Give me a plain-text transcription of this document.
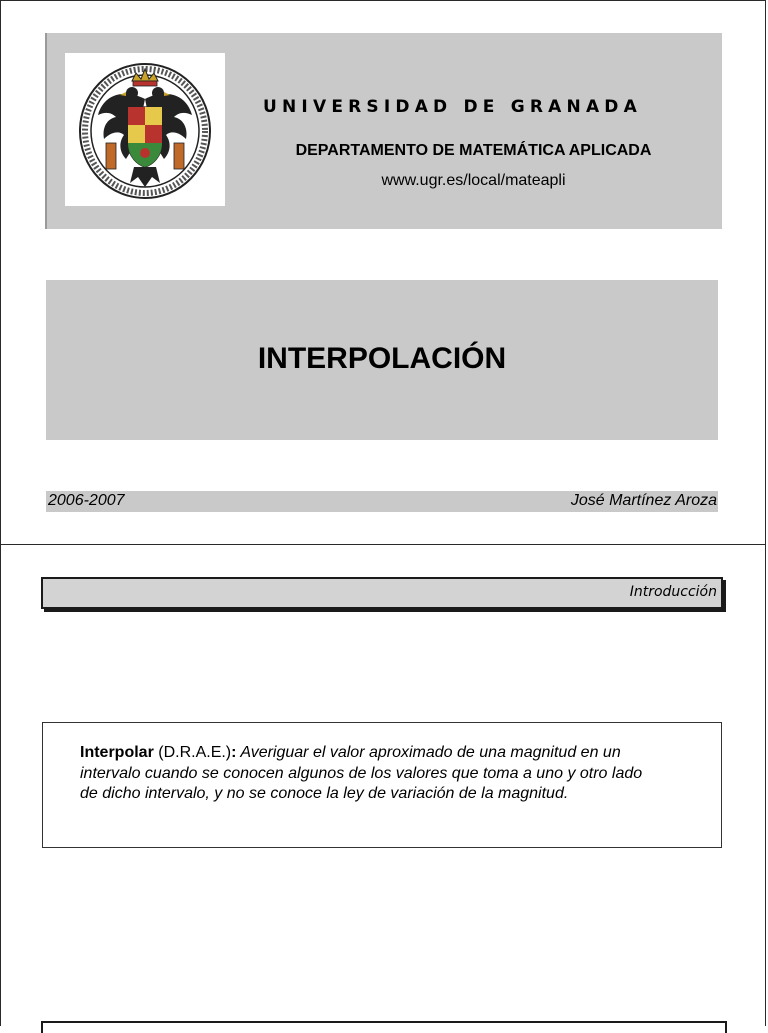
UNIVERSIDAD DE GRANADA
DEPARTAMENTO DE MATEMÁTICA APLICADA
www.ugr.es/local/mateapli
INTERPOLACIÓN
2006-2007	José Martínez Aroza
Introducción
Interpolar (D.R.A.E.): Averiguar el valor aproximado de una magnitud en un intervalo cuando se conocen algunos de los valores que toma a uno y otro lado de dicho intervalo, y no se conoce la ley de variación de la magnitud.
